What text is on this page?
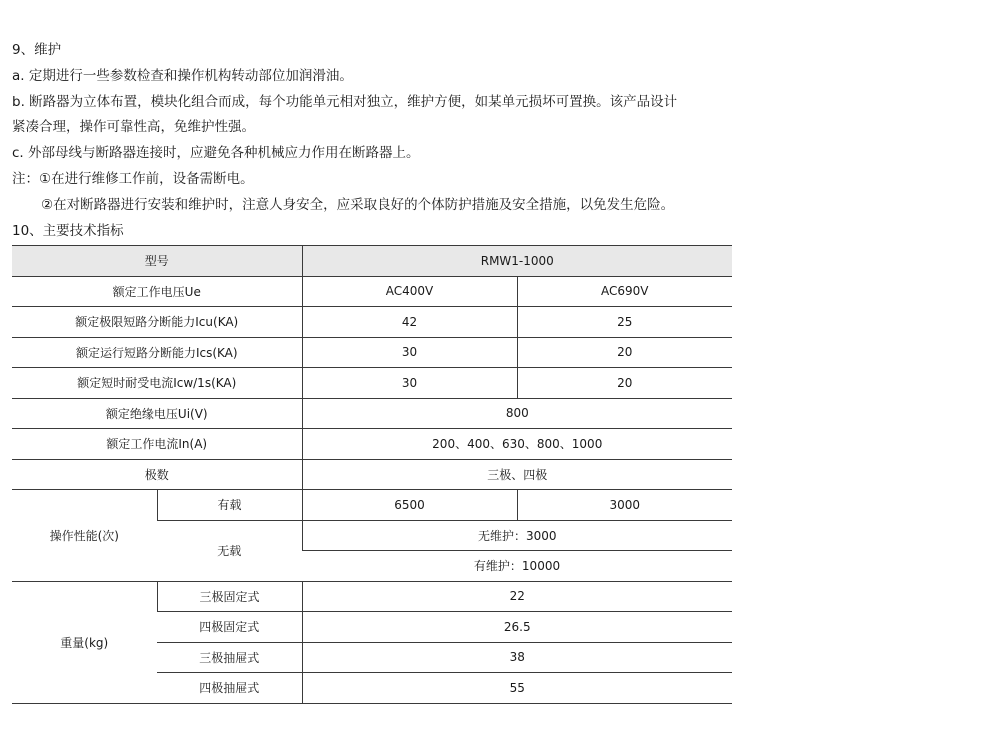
9、维护
a. 定期进行一些参数检查和操作机构转动部位加润滑油。
b. 断路器为立体布置，模块化组合而成，每个功能单元相对独立，维护方便，如某单元损坏可置换。该产品设计
紧凑合理，操作可靠性高，免维护性强。
c. 外部母线与断路器连接时，应避免各种机械应力作用在断路器上。
注：①在进行维修工作前，设备需断电。
②在对断路器进行安装和维护时，注意人身安全，应采取良好的个体防护措施及安全措施，以免发生危险。
10、主要技术指标
型号		RMW1-1000	
额定工作电压Ue		AC400V	AC690V
额定极限短路分断能力Icu(KA)		42	25
额定运行短路分断能力Ics(KA)		30	20
额定短时耐受电流Icw/1s(KA)		30	20
额定绝缘电压Ui(V)		800	
额定工作电流In(A)		200、400、630、800、1000	
极数		三极、四极	
操作性能(次)	有载	6500	3000
	无载	无维护：3000	
		有维护：10000	
重量(kg)	三极固定式	22	
	四极固定式	26.5	
	三极抽屉式	38	
	四极抽屉式	55	
